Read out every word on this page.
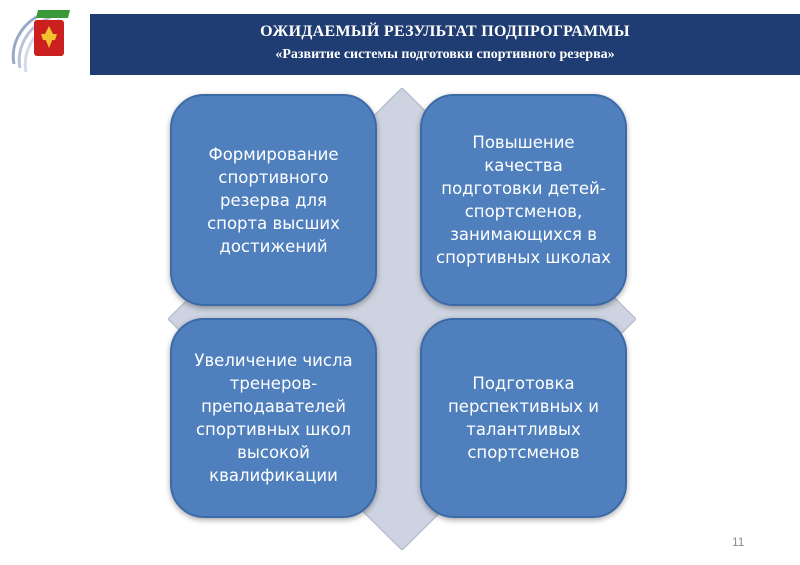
ОЖИДАЕМЫЙ РЕЗУЛЬТАТ ПОДПРОГРАММЫ
«Развитие системы подготовки спортивного резерва»
Формирование
спортивного
резерва для
спорта высших
достижений
Повышение
качества
подготовки детей-
спортсменов,
занимающихся в
спортивных школах
Увеличение числа
тренеров-
преподавателей
спортивных школ
высокой
квалификации
Подготовка
перспективных и
талантливых
спортсменов
11
